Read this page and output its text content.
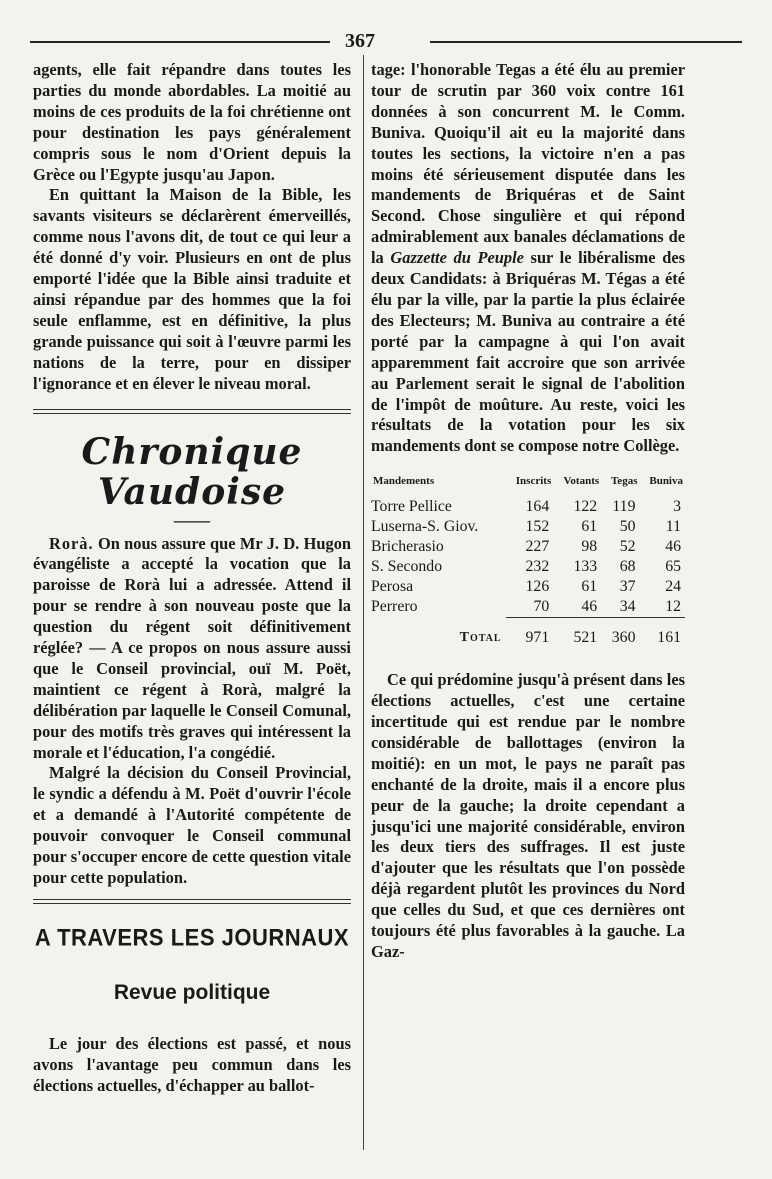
367

agents, elle fait répandre dans toutes les parties du monde abordables. La moitié au moins de ces produits de la foi chrétienne ont pour destination les pays généralement compris sous le nom d'Orient depuis la Grèce ou l'Egypte jusqu'au Japon.

En quittant la Maison de la Bible, les savants visiteurs se déclarèrent émerveillés, comme nous l'avons dit, de tout ce qui leur a été donné d'y voir. Plusieurs en ont de plus emporté l'idée que la Bible ainsi traduite et ainsi répandue par des hommes que la foi seule enflamme, est en définitive, la plus grande puissance qui soit à l'œuvre parmi les nations de la terre, pour en dissiper l'ignorance et en élever le niveau moral.

Chronique Vaudoise
——

Rorà. On nous assure que Mr J. D. Hugon évangéliste a accepté la vocation que la paroisse de Rorà lui a adressée. Attend il pour se rendre à son nouveau poste que la question du régent soit définitivement réglée? — A ce propos on nous assure aussi que le Conseil provincial, ouï M. Poët, maintient ce régent à Rorà, malgré la délibération par laquelle le Conseil Comunal, pour des motifs très graves qui intéressent la morale et l'éducation, l'a congédié.

Malgré la décision du Conseil Provincial, le syndic a défendu à M. Poët d'ouvrir l'école et a demandé à l'Autorité compétente de pouvoir convoquer le Conseil communal pour s'occuper encore de cette question vitale pour cette population.

A TRAVERS LES JOURNAUX
Revue politique

Le jour des élections est passé, et nous avons l'avantage peu commun dans les élections actuelles, d'échapper au ballot-

tage: l'honorable Tegas a été élu au premier tour de scrutin par 360 voix contre 161 données à son concurrent M. le Comm. Buniva. Quoiqu'il ait eu la majorité dans toutes les sections, la victoire n'en a pas moins été sérieusement disputée dans les mandements de Briquéras et de Saint Second. Chose singulière et qui répond admirablement aux banales déclamations de la Gazzette du Peuple sur le libéralisme des deux Candidats: à Briquéras M. Tégas a été élu par la ville, par la partie la plus éclairée des Electeurs; M. Buniva au contraire a été porté par la campagne à qui l'on avait apparemment fait accroire que son arrivée au Parlement serait le signal de l'abolition de l'impôt de moûture. Au reste, voici les résultats de la votation pour les six mandements dont se compose notre Collège.

Mandements	Inscrits	Votants	Tegas	Buniva
Torre Pellice	164	122	119	3
Luserna-S. Giov.	152	61	50	11
Bricherasio	227	98	52	46
S. Secondo	232	133	68	65
Perosa	126	61	37	24
Perrero	70	46	34	12
Total	971	521	360	161

Ce qui prédomine jusqu'à présent dans les élections actuelles, c'est une certaine incertitude qui est rendue par le nombre considérable de ballottages (environ la moitié): en un mot, le pays ne paraît pas enchanté de la droite, mais il a encore plus peur de la gauche; la droite cependant a jusqu'ici une majorité considérable, environ les deux tiers des suffrages. Il est juste d'ajouter que les résultats que l'on possède déjà regardent plutôt les provinces du Nord que celles du Sud, et que ces dernières ont toujours été plus favorables à la gauche. La Gaz-
